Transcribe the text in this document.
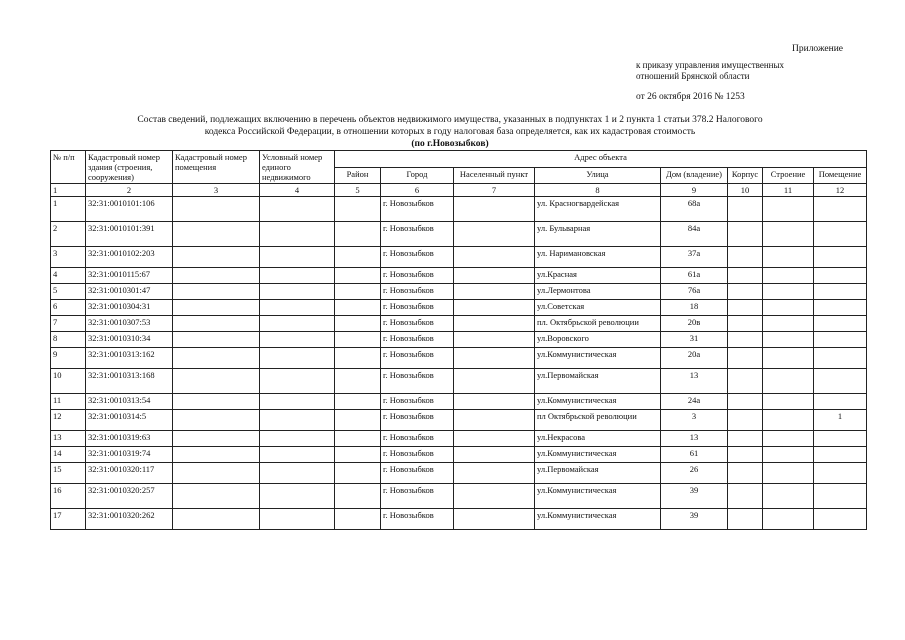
Приложение
к приказу управления имущественных
отношений Брянской области
от 26 октября 2016 № 1253
Состав сведений, подлежащих включению в перечень объектов недвижимого имущества, указанных в подпунктах 1 и 2 пункта 1 статьи 378.2 Налогового
кодекса Российской Федерации, в отношении которых в году налоговая база определяется, как их кадастровая стоимость
(по г.Новозыбков)
№ п/п	Кадастровый номер здания (строения, сооружения)	Кадастровый номер помещения	Условный номер единого недвижимого	Адрес объекта							
				Район	Город	Населенный пункт	Улица	Дом (владение)	Корпус	Строение	Помещение
1	2	3	4	5	6	7	8	9	10	11	12
1	32:31:0010101:106				г. Новозыбков		ул. Красногвардейская	68а			
2	32:31:0010101:391				г. Новозыбков		ул. Бульварная	84а			
3	32:31:0010102:203				г. Новозыбков		ул. Наримановская	37а			
4	32:31:0010115:67				г. Новозыбков		ул.Красная	61а			
5	32:31:0010301:47				г. Новозыбков		ул.Лермонтова	76а			
6	32:31:0010304:31				г. Новозыбков		ул.Советская	18			
7	32:31:0010307:53				г. Новозыбков		пл. Октябрьской революции	20в			
8	32:31:0010310:34				г. Новозыбков		ул.Воровского	31			
9	32:31:0010313:162				г. Новозыбков		ул.Коммунистическая	20а			
10	32:31:0010313:168				г. Новозыбков		ул.Первомайская	13			
11	32:31:0010313:54				г. Новозыбков		ул.Коммунистическая	24а			
12	32:31:0010314:5				г. Новозыбков		пл Октябрьской революции	3			1
13	32:31:0010319:63				г. Новозыбков		ул.Некрасова	13			
14	32:31:0010319:74				г. Новозыбков		ул.Коммунистическая	61			
15	32:31:0010320:117				г. Новозыбков		ул.Первомайская	26			
16	32:31:0010320:257				г. Новозыбков		ул.Коммунистическая	39			
17	32:31:0010320:262				г. Новозыбков		ул.Коммунистическая	39			
